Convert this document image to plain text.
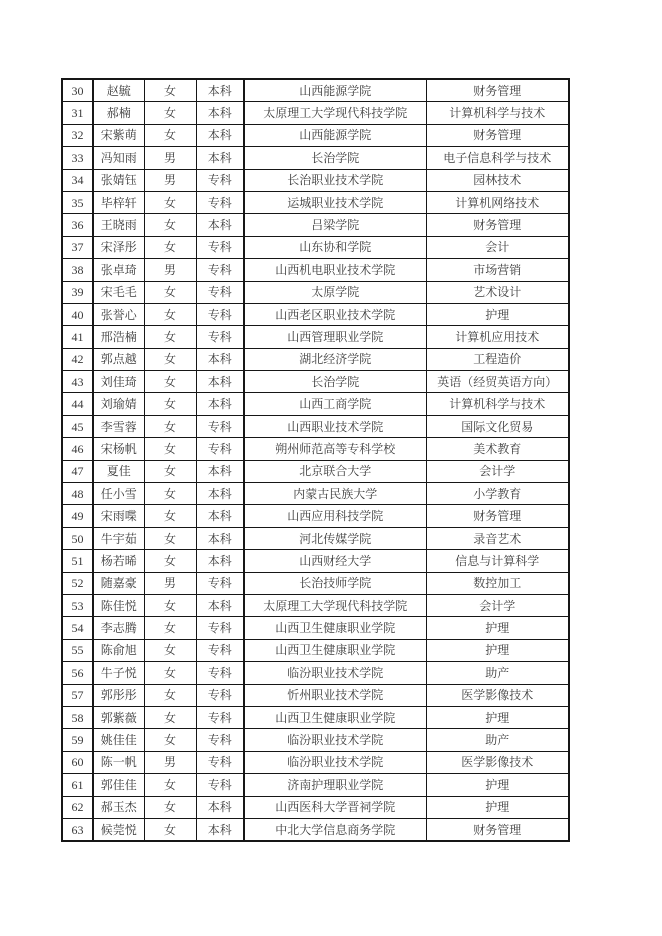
30	赵毓	女	本科	山西能源学院	财务管理
31	郝楠	女	本科	太原理工大学现代科技学院	计算机科学与技术
32	宋紫萌	女	本科	山西能源学院	财务管理
33	冯知雨	男	本科	长治学院	电子信息科学与技术
34	张婧钰	男	专科	长治职业技术学院	园林技术
35	毕梓轩	女	专科	运城职业技术学院	计算机网络技术
36	王晓雨	女	本科	吕梁学院	财务管理
37	宋泽彤	女	专科	山东协和学院	会计
38	张卓琦	男	专科	山西机电职业技术学院	市场营销
39	宋毛毛	女	专科	太原学院	艺术设计
40	张誉心	女	专科	山西老区职业技术学院	护理
41	邢浩楠	女	专科	山西管理职业学院	计算机应用技术
42	郭点越	女	本科	湖北经济学院	工程造价
43	刘佳琦	女	本科	长治学院	英语（经贸英语方向）
44	刘瑜婧	女	本科	山西工商学院	计算机科学与技术
45	李雪蓉	女	专科	山西职业技术学院	国际文化贸易
46	宋杨帆	女	专科	朔州师范高等专科学校	美术教育
47	夏佳	女	本科	北京联合大学	会计学
48	任小雪	女	本科	内蒙古民族大学	小学教育
49	宋雨喋	女	本科	山西应用科技学院	财务管理
50	牛宇茹	女	本科	河北传媒学院	录音艺术
51	杨若晞	女	本科	山西财经大学	信息与计算科学
52	随嘉豪	男	专科	长治技师学院	数控加工
53	陈佳悦	女	本科	太原理工大学现代科技学院	会计学
54	李志腾	女	专科	山西卫生健康职业学院	护理
55	陈俞旭	女	专科	山西卫生健康职业学院	护理
56	牛子悦	女	专科	临汾职业技术学院	助产
57	郭彤彤	女	专科	忻州职业技术学院	医学影像技术
58	郭紫薇	女	专科	山西卫生健康职业学院	护理
59	姚佳佳	女	专科	临汾职业技术学院	助产
60	陈一帆	男	专科	临汾职业技术学院	医学影像技术
61	郭佳佳	女	专科	济南护理职业学院	护理
62	郝玉杰	女	本科	山西医科大学晋祠学院	护理
63	候莞悦	女	本科	中北大学信息商务学院	财务管理
